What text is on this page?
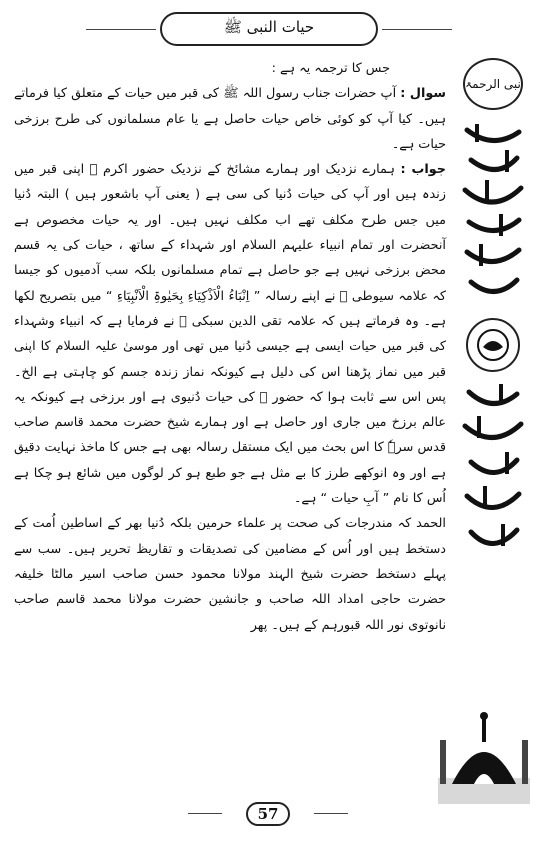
حیات النبی ﷺ

جس کا ترجمہ یہ ہے :

سوال : آپ حضرات جناب رسول اللہ ﷺ کی قبر میں حیات کے متعلق کیا فرماتے ہیں۔ کیا آپ کو کوئی خاص حیات حاصل ہے یا عام مسلمانوں کی طرح برزخی حیات ہے۔

جواب : ہمارے نزدیک اور ہمارے مشائخ کے نزدیک حضور اکرم ﷺ اپنی قبر میں زندہ ہیں اور آپ کی حیات دُنیا کی سی ہے ( یعنی آپ باشعور ہیں ) البتہ دُنیا میں جس طرح مکلف تھے اب مکلف نہیں ہیں۔ اور یہ حیات مخصوص ہے آنحضرت اور تمام انبیاء علیہم السلام اور شہداء کے ساتھ ، حیات کی یہ قسم محض برزخی نہیں ہے جو حاصل ہے تمام مسلمانوں بلکہ سب آدمیوں کو جیسا کہ علامہ سیوطی ؒ نے اپنے رسالہ ” اِنْبَاءُ الْاَذْکِیَاءِ بِحَیٰوۃِ الْاَنْبِیَاءِ “ میں بتصریح لکھا ہے۔ وہ فرماتے ہیں کہ علامہ تقی الدین سبکی ؒ نے فرمایا ہے کہ انبیاء وشہداء کی قبر میں حیات ایسی ہے جیسی دُنیا میں تھی اور موسیٰ علیہ السلام کا اپنی قبر میں نماز پڑھنا اس کی دلیل ہے کیونکہ نماز زندہ جسم کو چاہتی ہے الخ۔ پس اس سے ثابت ہوا کہ حضور ﷺ کی حیات دُنیوی ہے اور برزخی ہے کیونکہ یہ عالم برزخ میں جاری اور حاصل ہے اور ہمارے شیخ حضرت محمد قاسم صاحب قدس سرہٗ کا اس بحث میں ایک مستقل رسالہ بھی ہے جس کا ماخذ نہایت دقیق ہے اور وہ انوکھے طرز کا بے مثل ہے جو طبع ہو کر لوگوں میں شائع ہو چکا ہے اُس کا نام ” آبِ حیات “ ہے۔

الحمد کہ مندرجات کی صحت پر علماء حرمین بلکہ دُنیا بھر کے اساطین اُمت کے دستخط ہیں اور اُس کے مضامین کی تصدیقات و تقاریظ تحریر ہیں۔ سب سے پہلے دستخط حضرت شیخ الہند مولانا محمود حسن صاحب اسیر مالٹا خلیفہ حضرت حاجی امداد اللہ صاحب و جانشین حضرت مولانا محمد قاسم صاحب نانوتوی نور اللہ قبورہم کے ہیں۔ پھر

نبی الرحمۃ
57
